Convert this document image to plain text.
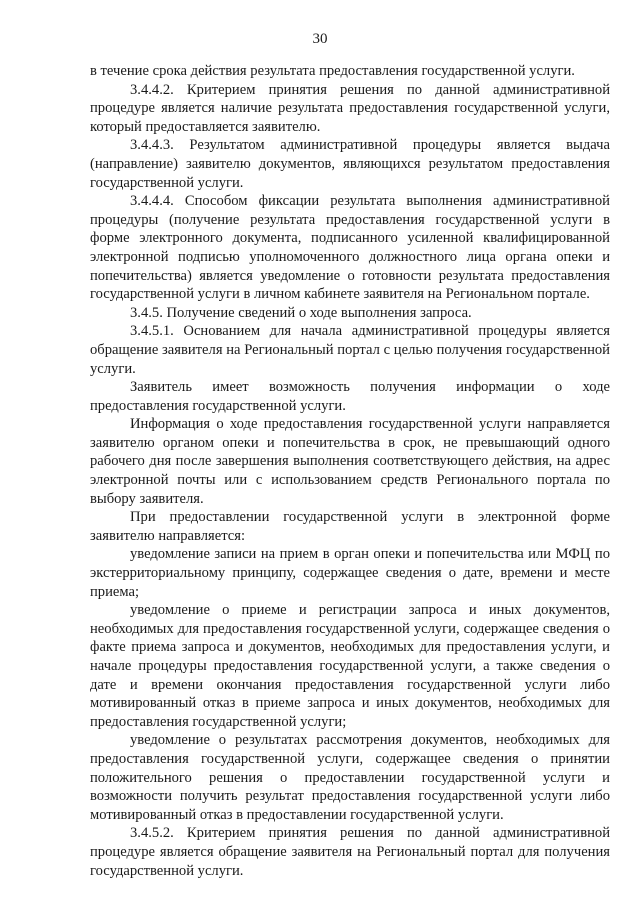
30

в течение срока действия результата предоставления государственной услуги.

3.4.4.2. Критерием принятия решения по данной административной процедуре является наличие результата предоставления государственной услуги, который предоставляется заявителю.

3.4.4.3. Результатом административной процедуры является выдача (направление) заявителю документов, являющихся результатом предоставления государственной услуги.

3.4.4.4. Способом фиксации результата выполнения административной процедуры (получение результата предоставления государственной услуги в форме электронного документа, подписанного усиленной квалифицированной электронной подписью уполномоченного должностного лица органа опеки и попечительства) является уведомление о готовности результата предоставления государственной услуги в личном кабинете заявителя на Региональном портале.

3.4.5. Получение сведений о ходе выполнения запроса.

3.4.5.1. Основанием для начала административной процедуры является обращение заявителя на Региональный портал с целью получения государственной услуги.

Заявитель имеет возможность получения информации о ходе предоставления государственной услуги.

Информация о ходе предоставления государственной услуги направляется заявителю органом опеки и попечительства в срок, не превышающий одного рабочего дня после завершения выполнения соответствующего действия, на адрес электронной почты или с использованием средств Регионального портала по выбору заявителя.

При предоставлении государственной услуги в электронной форме заявителю направляется:

уведомление записи на прием в орган опеки и попечительства или МФЦ по экстерриториальному принципу, содержащее сведения о дате, времени и месте приема;

уведомление о приеме и регистрации запроса и иных документов, необходимых для предоставления государственной услуги, содержащее сведения о факте приема запроса и документов, необходимых для предоставления услуги, и начале процедуры предоставления государственной услуги, а также сведения о дате и времени окончания предоставления государственной услуги либо мотивированный отказ в приеме запроса и иных документов, необходимых для предоставления государственной услуги;

уведомление о результатах рассмотрения документов, необходимых для предоставления государственной услуги, содержащее сведения о принятии положительного решения о предоставлении государственной услуги и возможности получить результат предоставления государственной услуги либо мотивированный отказ в предоставлении государственной услуги.

3.4.5.2. Критерием принятия решения по данной административной процедуре является обращение заявителя на Региональный портал для получения государственной услуги.
